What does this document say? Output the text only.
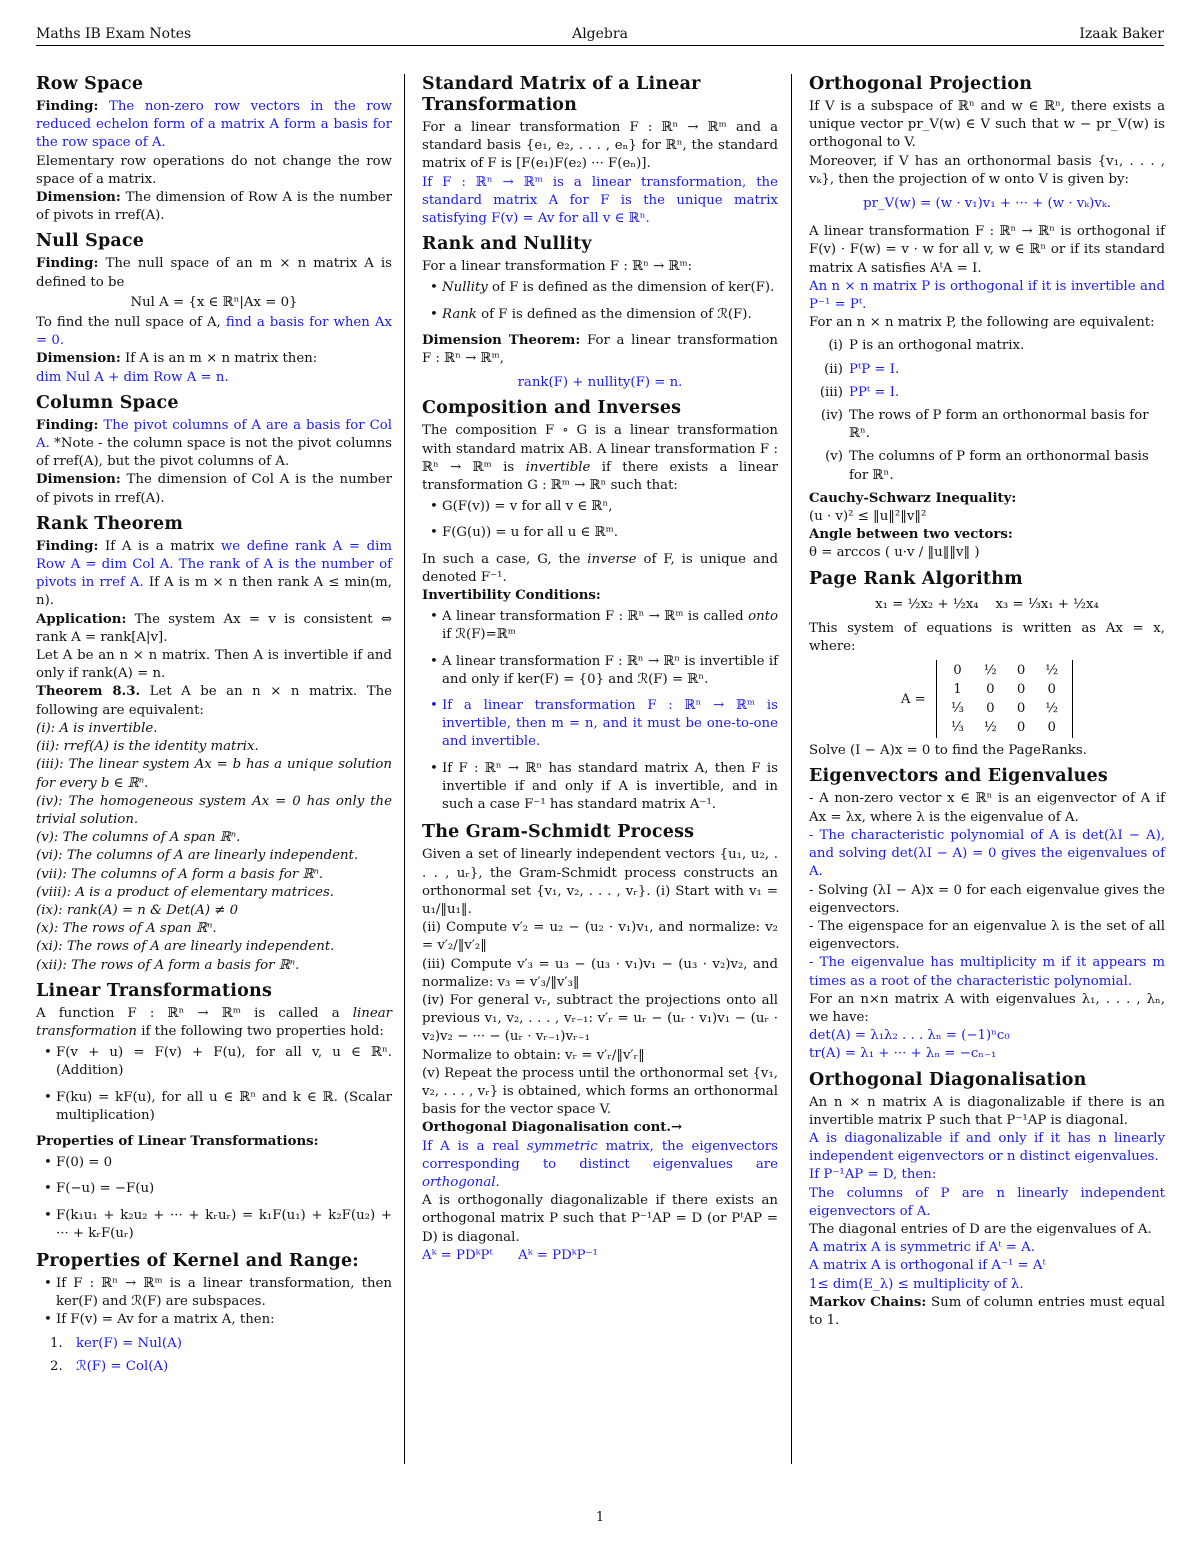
Maths IB Exam Notes	Algebra	Izaak Baker
Row Space

Finding: The non-zero row vectors in the row reduced echelon form of a matrix A form a basis for the row space of A.

Elementary row operations do not change the row space of a matrix.

Dimension: The dimension of Row A is the number of pivots in rref(A).

Null Space

Finding: The null space of an m × n matrix A is defined to be

Nul A = {x ∈ ℝⁿ|Ax = 0}

To find the null space of A, find a basis for when Ax = 0.

Dimension: If A is an m × n matrix then:

dim Nul A + dim Row A = n.

Column Space

Finding: The pivot columns of A are a basis for Col A. *Note - the column space is not the pivot columns of rref(A), but the pivot columns of A.

Dimension: The dimension of Col A is the number of pivots in rref(A).

Rank Theorem

Finding: If A is a matrix we define rank A = dim Row A = dim Col A. The rank of A is the number of pivots in rref A. If A is m × n then rank A ≤ min(m, n).

Application: The system Ax = v is consistent ⇔ rank A = rank[A|v].

Let A be an n × n matrix. Then A is invertible if and only if rank(A) = n.

Theorem 8.3. Let A be an n × n matrix. The following are equivalent:

(i): A is invertible.

(ii): rref(A) is the identity matrix.

(iii): The linear system Ax = b has a unique solution for every b ∈ ℝⁿ.

(iv): The homogeneous system Ax = 0 has only the trivial solution.

(v): The columns of A span ℝⁿ.

(vi): The columns of A are linearly independent.

(vii): The columns of A form a basis for ℝⁿ.

(viii): A is a product of elementary matrices.

(ix): rank(A) = n & Det(A) ≠ 0

(x): The rows of A span ℝⁿ.

(xi): The rows of A are linearly independent.

(xii): The rows of A form a basis for ℝⁿ.

Linear Transformations

A function F : ℝⁿ → ℝᵐ is called a linear transformation if the following two properties hold:

• F(v + u) = F(v) + F(u), for all v, u ∈ ℝⁿ. (Addition)
• F(ku) = kF(u), for all u ∈ ℝⁿ and k ∈ ℝ. (Scalar multiplication)

Properties of Linear Transformations:

• F(0) = 0
• F(−u) = −F(u)
• F(k₁u₁ + k₂u₂ + ··· + kᵣuᵣ) = k₁F(u₁) + k₂F(u₂) + ··· + kᵣF(uᵣ)
Properties of Kernel and Range:
• If F : ℝⁿ → ℝᵐ is a linear transformation, then ker(F) and ℛ(F) are subspaces.
• If F(v) = Av for a matrix A, then:
1. ker(F) = Nul(A)
2. ℛ(F) = Col(A)
Standard Matrix of a Linear Transformation

For a linear transformation F : ℝⁿ → ℝᵐ and a standard basis {e₁, e₂, . . . , eₙ} for ℝⁿ, the standard matrix of F is [F(e₁)F(e₂) ··· F(eₙ)].

If F : ℝⁿ → ℝᵐ is a linear transformation, the standard matrix A for F is the unique matrix satisfying F(v) = Av for all v ∈ ℝⁿ.

Rank and Nullity

For a linear transformation F : ℝⁿ → ℝᵐ:

• Nullity of F is defined as the dimension of ker(F).
• Rank of F is defined as the dimension of ℛ(F).

Dimension Theorem: For a linear transformation F : ℝⁿ → ℝᵐ,

rank(F) + nullity(F) = n.

Composition and Inverses

The composition F ∘ G is a linear transformation with standard matrix AB. A linear transformation F : ℝⁿ → ℝᵐ is invertible if there exists a linear transformation G : ℝᵐ → ℝⁿ such that:

• G(F(v)) = v for all v ∈ ℝⁿ,
• F(G(u)) = u for all u ∈ ℝᵐ.

In such a case, G, the inverse of F, is unique and denoted F⁻¹.

Invertibility Conditions:

• A linear transformation F : ℝⁿ → ℝᵐ is called onto if ℛ(F)=ℝᵐ
• A linear transformation F : ℝⁿ → ℝⁿ is invertible if and only if ker(F) = {0} and ℛ(F) = ℝⁿ.
• If a linear transformation F : ℝⁿ → ℝᵐ is invertible, then m = n, and it must be one-to-one and invertible.
• If F : ℝⁿ → ℝⁿ has standard matrix A, then F is invertible if and only if A is invertible, and in such a case F⁻¹ has standard matrix A⁻¹.
The Gram-Schmidt Process

Given a set of linearly independent vectors {u₁, u₂, . . . , uᵣ}, the Gram-Schmidt process constructs an orthonormal set {v₁, v₂, . . . , vᵣ}. (i) Start with v₁ = u₁/‖u₁‖.

(ii) Compute v′₂ = u₂ − (u₂ · v₁)v₁, and normalize: v₂ = v′₂/‖v′₂‖

(iii) Compute v′₃ = u₃ − (u₃ · v₁)v₁ − (u₃ · v₂)v₂, and normalize: v₃ = v′₃/‖v′₃‖

(iv) For general vᵣ, subtract the projections onto all previous v₁, v₂, . . . , vᵣ₋₁: v′ᵣ = uᵣ − (uᵣ · v₁)v₁ − (uᵣ · v₂)v₂ − ··· − (uᵣ · vᵣ₋₁)vᵣ₋₁

Normalize to obtain: vᵣ = v′ᵣ/‖v′ᵣ‖

(v) Repeat the process until the orthonormal set {v₁, v₂, . . . , vᵣ} is obtained, which forms an orthonormal basis for the vector space V.

Orthogonal Diagonalisation cont.→

If A is a real symmetric matrix, the eigenvectors corresponding to distinct eigenvalues are orthogonal.

A is orthogonally diagonalizable if there exists an orthogonal matrix P such that P⁻¹AP = D (or PᵗAP = D) is diagonal.

Aᵏ = PDᵏPᵗ      Aᵏ = PDᵏP⁻¹

Orthogonal Projection

If V is a subspace of ℝⁿ and w ∈ ℝⁿ, there exists a unique vector pr_V(w) ∈ V such that w − pr_V(w) is orthogonal to V.

Moreover, if V has an orthonormal basis {v₁, . . . , vₖ}, then the projection of w onto V is given by:

pr_V(w) = (w · v₁)v₁ + ··· + (w · vₖ)vₖ.

A linear transformation F : ℝⁿ → ℝⁿ is orthogonal if F(v) · F(w) = v · w for all v, w ∈ ℝⁿ or if its standard matrix A satisfies AᵗA = I.

An n × n matrix P is orthogonal if it is invertible and P⁻¹ = Pᵗ.

For an n × n matrix P, the following are equivalent:

(i) P is an orthogonal matrix.
(ii) PᵗP = I.
(iii) PPᵗ = I.
(iv) The rows of P form an orthonormal basis for ℝⁿ.
(v) The columns of P form an orthonormal basis for ℝⁿ.

Cauchy-Schwarz Inequality:

(u · v)² ≤ ‖u‖²‖v‖²

Angle between two vectors:

θ = arccos ( u·v / ‖u‖‖v‖ )

Page Rank Algorithm

x₁ = ½x₂ + ½x₄    x₃ = ⅓x₁ + ½x₄

This system of equations is written as Ax = x, where:

A = 0	½	0	½
1	0	0	0
⅓	0	0	½
⅓	½	0	0

Solve (I − A)x = 0 to find the PageRanks.

Eigenvectors and Eigenvalues

- A non-zero vector x ∈ ℝⁿ is an eigenvector of A if Ax = λx, where λ is the eigenvalue of A.

- The characteristic polynomial of A is det(λI − A), and solving det(λI − A) = 0 gives the eigenvalues of A.

- Solving (λI − A)x = 0 for each eigenvalue gives the eigenvectors.

- The eigenspace for an eigenvalue λ is the set of all eigenvectors.

- The eigenvalue has multiplicity m if it appears m times as a root of the characteristic polynomial.

For an n×n matrix A with eigenvalues λ₁, . . . , λₙ, we have:

det(A) = λ₁λ₂ . . . λₙ = (−1)ⁿc₀

tr(A) = λ₁ + ··· + λₙ = −cₙ₋₁

Orthogonal Diagonalisation

An n × n matrix A is diagonalizable if there is an invertible matrix P such that P⁻¹AP is diagonal.

A is diagonalizable if and only if it has n linearly independent eigenvectors or n distinct eigenvalues.

If P⁻¹AP = D, then:

The columns of P are n linearly independent eigenvectors of A.

The diagonal entries of D are the eigenvalues of A.

A matrix A is symmetric if Aᵗ = A.

A matrix A is orthogonal if A⁻¹ = Aᵗ

1≤ dim(E_λ) ≤ multiplicity of λ.

Markov Chains: Sum of column entries must equal to 1.

1
